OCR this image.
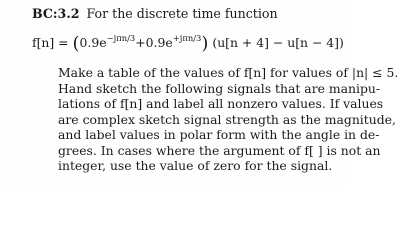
BC:3.2 For the discrete time function
$f[n] = (0.9e^{-j\pi n/3}+0.9e^{+j\pi n/3}) (u[n + 4] - u[n - 4])$

Make a table of the values of f[n] for values of |n| ≤ 5.
Hand sketch the following signals that are manipu-
lations of f[n] and label all nonzero values. If values
are complex sketch signal strength as the magnitude,
and label values in polar form with the angle in de-
grees. In cases where the argument of f[ ] is not an
integer, use the value of zero for the signal.
